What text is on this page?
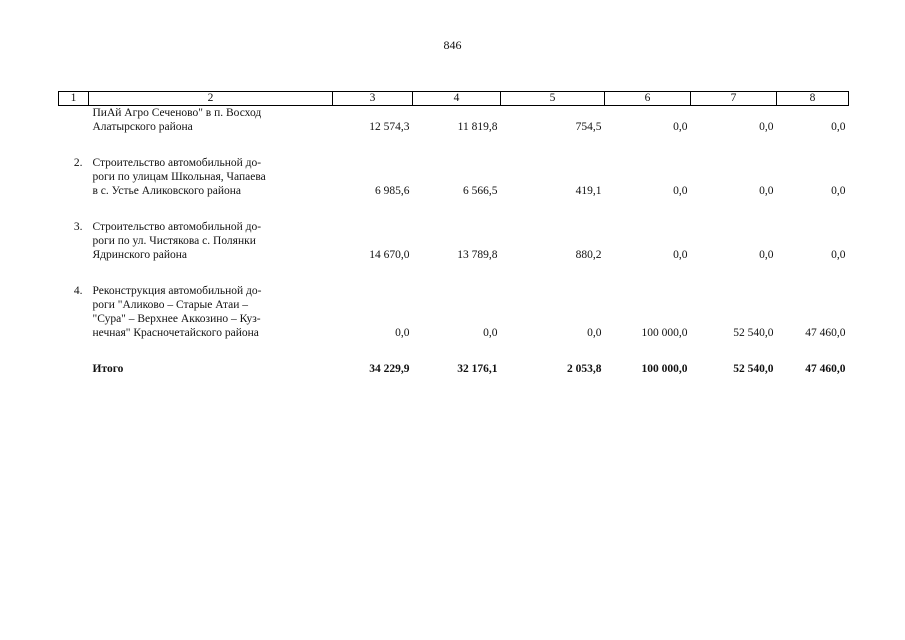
846
1	2	3	4	5	6	7	8
	ПиАй Агро Сеченово" в п. Восход
Алатырского района	12 574,3	11 819,8	754,5	0,0	0,0	0,0

2.	Строительство автомобильной до-
роги по улицам Школьная, Чапаева
в с. Устье Аликовского района	6 985,6	6 566,5	419,1	0,0	0,0	0,0

3.	Строительство автомобильной до-
роги по ул. Чистякова с. Полянки
Ядринского района	14 670,0	13 789,8	880,2	0,0	0,0	0,0

4.	Реконструкция автомобильной до-
роги "Аликово – Старые Атаи –
"Сура" – Верхнее Аккозино – Куз-
нечная" Красночетайского района	0,0	0,0	0,0	100 000,0	52 540,0	47 460,0

	Итого	34 229,9	32 176,1	2 053,8	100 000,0	52 540,0	47 460,0
